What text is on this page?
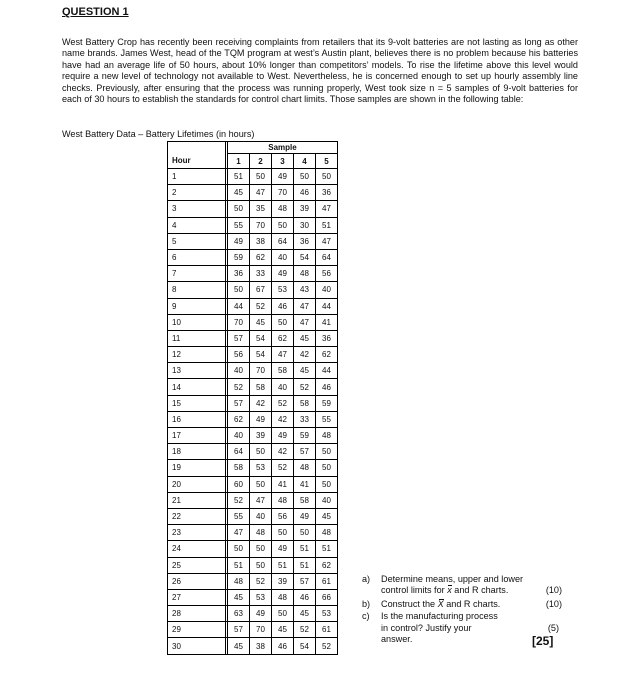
QUESTION 1
West Battery Crop has recently been receiving complaints from retailers that its 9-volt batteries are not lasting as long as other name brands. James West, head of the TQM program at west’s Austin plant, believes there is no problem because his batteries have had an average life of 50 hours, about 10% longer than competitors’ models. To rise the lifetime above this level would require a new level of technology not available to West. Nevertheless, he is concerned enough to set up hourly assembly line checks. Previously, after ensuring that the process was running properly, West took size n = 5 samples of 9-volt batteries for each of 30 hours to establish the standards for control chart limits. Those samples are shown in the following table:
West Battery Data – Battery Lifetimes (in hours)
		Sample				
Hour		1	2	3	4	5
1		51	50	49	50	50
2		45	47	70	46	36
3		50	35	48	39	47
4		55	70	50	30	51
5		49	38	64	36	47
6		59	62	40	54	64
7		36	33	49	48	56
8		50	67	53	43	40
9		44	52	46	47	44
10		70	45	50	47	41
11		57	54	62	45	36
12		56	54	47	42	62
13		40	70	58	45	44
14		52	58	40	52	46
15		57	42	52	58	59
16		62	49	42	33	55
17		40	39	49	59	48
18		64	50	42	57	50
19		58	53	52	48	50
20		60	50	41	41	50
21		52	47	48	58	40
22		55	40	56	49	45
23		47	48	50	50	48
24		50	50	49	51	51
25		51	50	51	51	62
26		48	52	39	57	61
27		45	53	48	46	66
28		63	49	50	45	53
29		57	70	45	52	61
30		45	38	46	54	52
a) Determine means, upper and lower control limits for x and R charts.	(10)
b) Construct the X and R charts.	(10)
c) Is the manufacturing process in control? Justify your answer.
(5)
[25]
